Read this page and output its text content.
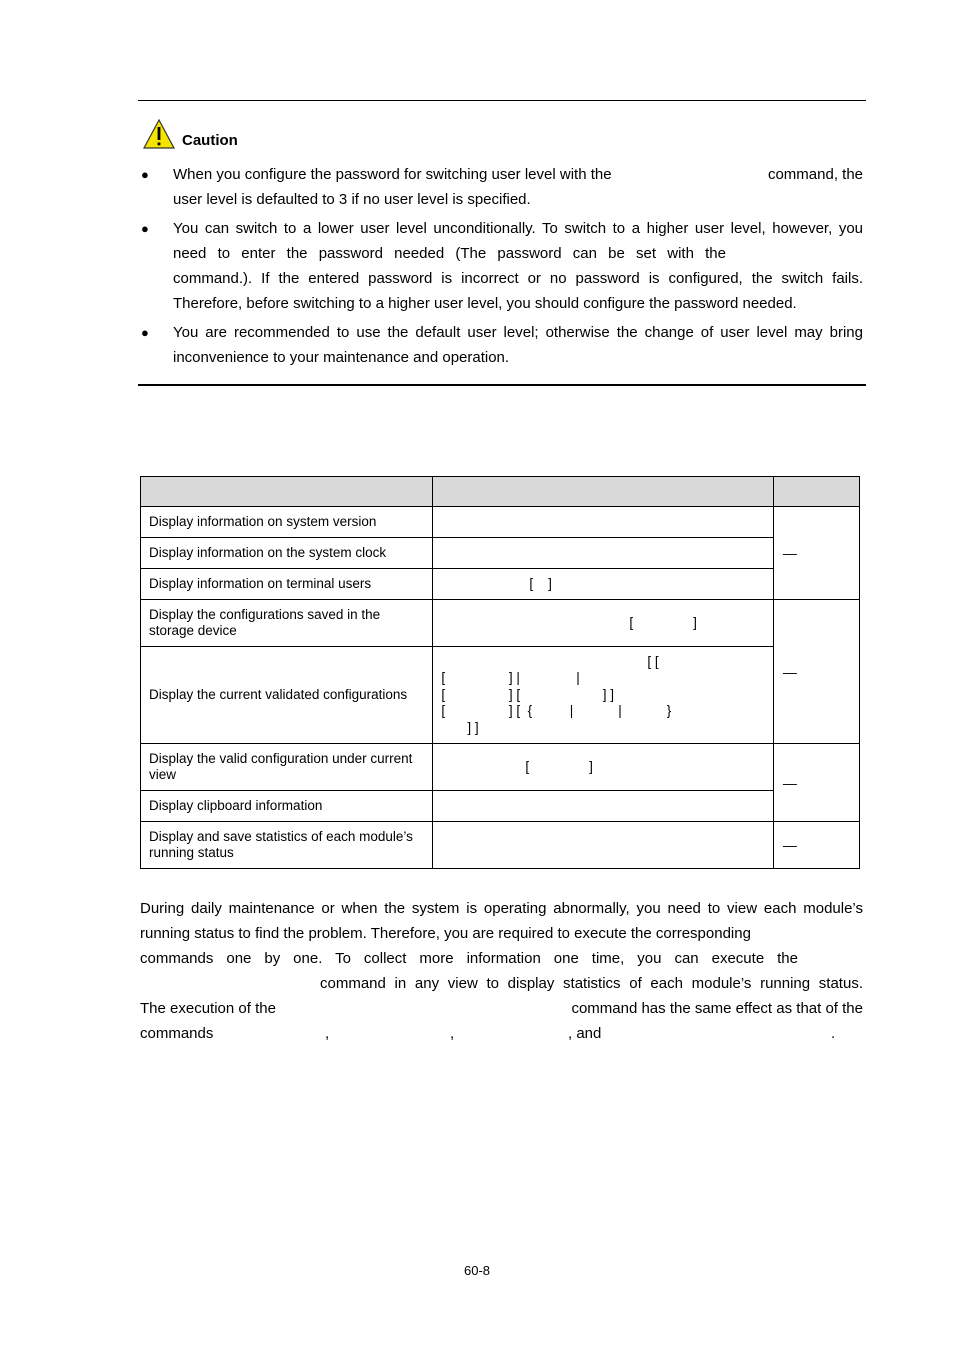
Caution
● When you configure the password for switching user level with the	command, the
user level is defaulted to 3 if no user level is specified.
● You can switch to a lower user level unconditionally. To switch to a higher user level, however, you
need to enter the password needed (The password can be set with the
command.). If the entered password is incorrect or no password is configured, the switch fails.
Therefore, before switching to a higher user level, you should configure the password needed.
● You are recommended to use the default user level; otherwise the change of user level may bring
inconvenience to your maintenance and operation.

Display information on system version		—
Display information on the system clock		
Display information on terminal users	[    ]	
Display the configurations saved in the storage device	[                ]	—
Display the current validated configurations	[ [
[                 ] |               |
[                 ] [                      ] ]
[                 ] [  {          |            |            }
] ]	

Display the valid configuration under current view	[                ]	—
Display clipboard information		
Display and save statistics of each module’s running status		—
During daily maintenance or when the system is operating abnormally, you need to view each module’s
running status to find the problem. Therefore, you are required to execute the corresponding
commands one by one. To collect more information one time, you can execute the
command in any view to display statistics of each module’s running status.
The execution of the	command has the same effect as that of the
commands	,	,	, and	.
60-8
